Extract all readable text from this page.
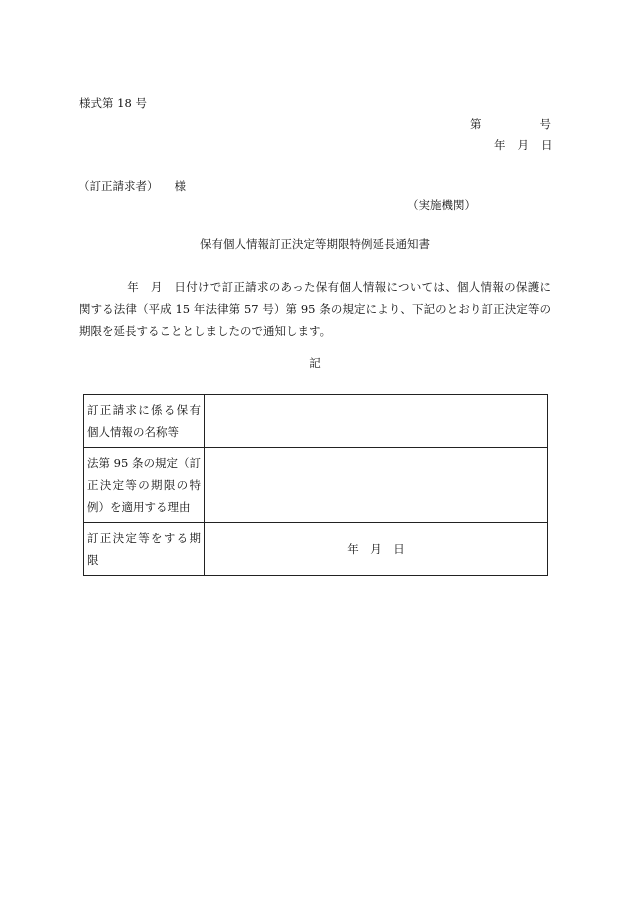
様式第 18 号
第	号
年 月 日
（訂正請求者） 様
（実施機関）
保有個人情報訂正決定等期限特例延長通知書
年　月　日付けで訂正請求のあった保有個人情報については、個人情報の保護に関する法律（平成 15 年法律第 57 号）第 95 条の規定により、下記のとおり訂正決定等の期限を延長することとしましたので通知します。
記
訂正請求に係る保有個人情報の名称等	
法第 95 条の規定（訂正決定等の期限の特例）を適用する理由	
訂正決定等をする期限	年　月　日
